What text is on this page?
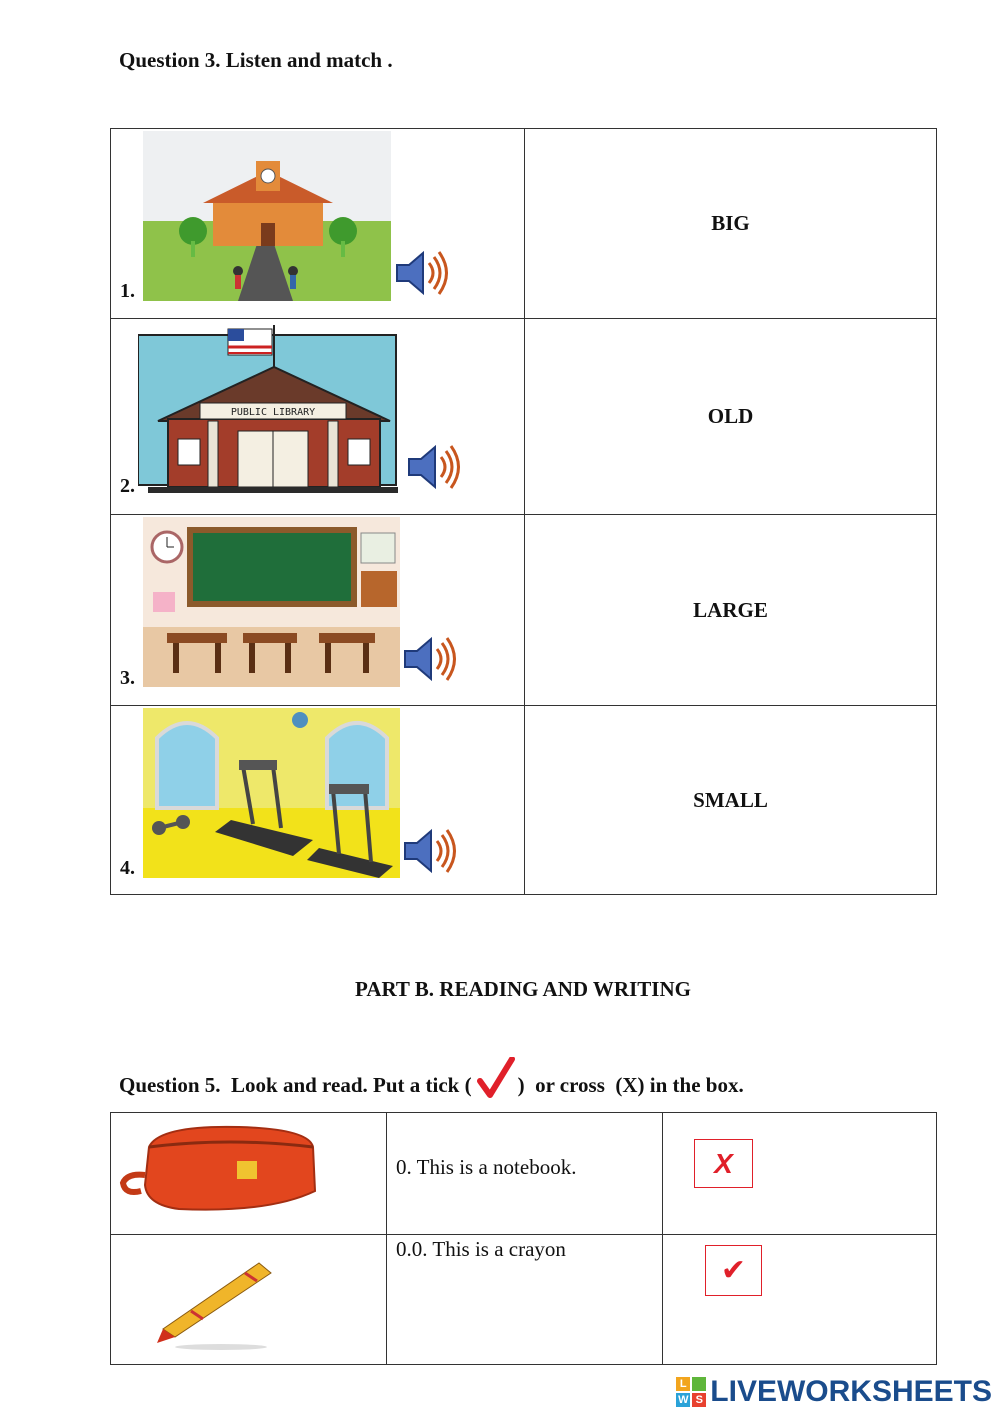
Question 3. Listen and match .
1.	BIG

PUBLIC LIBRARY
2.	OLD

3.	LARGE

4.	SMALL
PART B. READING AND WRITING
Question 5.  Look and read. Put a tick ( )  or cross  (X) in the box.

0. This is a notebook.	X

0.0. This is a crayon	✔
L
W S LIVEWORKSHEETS
